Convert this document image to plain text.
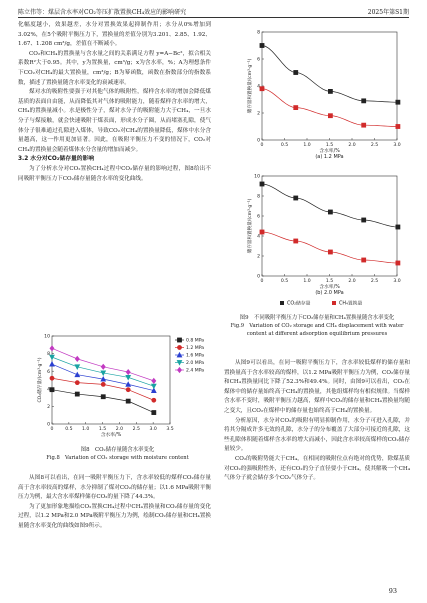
陈立伟等：煤层含水率对CO₂等压扩散置换CH₄效应的影响研究	2025年第S1期

化幅度越小，效果越差，水分对置换效果起抑制作用；水分从0%增加到3.02%，在5个吸附平衡压力下，置换量的差值分别为3.201、2.85、1.92、1.67、1.208 cm³/g，差值在不断减小。

CO₂和CH₄的置换量与含水量之间的关系满足方程 y=A−Bc²，拟合相关系数R²大于0.95。其中，y为置换量，cm³/g；x为含水率，%；A为理想条件下CO₂对CH₄的最大置换量，cm³/g；B为幂函数，函数在指数部分的指数系数，描述了置换量随含水率变化的衰减速率。

煤对水的吸附性要强于对其他气体的吸附性，煤样含水率的增加会降低煤基质的表面自由能，从而降低其对气体的吸附能力，随着煤样含水率的增大，CH₄的置换量减小。水是极性分子，煤对水分子的吸附能力大于CH₄，一旦水分子与煤接触，就会快速吸附于煤表面，形成水分子圈，从而堵塞孔隙，使气体分子很难通过孔隙进入煤体，导致CO₂对CH₄的置换量降低，煤体中水分含量越高，这一作用更加显著。因此，在吸附平衡压力不变的情况下，CO₂对CH₄的置换量会随着煤体水分含量的增加而减少。

3.2 水分对CO₂储存量的影响

为了分析水分对CO₂置换CH₄过程中CO₂储存量的影响过程，图8给出不同吸附平衡压力下CO₂储存量随含水率的变化曲线。

0	0.5 1.0 1.5 2.0 2.5 3.0 3.5
0
2
4
6
8
10
含水率/%
CO₂储存量/(cm³·g⁻¹)
0.8 MPa
1.2 MPa
1.6 MPa
2.0 MPa
2.4 MPa
图8　CO₂储存量随含水率变化
Fig.8　Variation of CO₂ storage with moisture content

从图8可以看出，在同一吸附平衡压力下，含水率较低的煤样CO₂储存量高于含水率较高的煤样，水分抑制了煤对CO₂的储存量；以1.6 MPa吸附平衡压力为例，最大含水率煤样储存CO₂的量下降了44.3%。

为了更加形象地描绘CO₂置换CH₄过程中CH₄置换量和CO₂储存量的变化过程，以1.2 MPa和2.0 MPa吸附平衡压力为例，绘制CO₂储存量和CH₄置换量随含水率变化的曲线如图9所示。

0	0.5	1.0	1.5	2.0	2.5	3.0
0
2
4
6
8
含水率/%
储存量和置换量/(cm³·g⁻¹)
(a) 1.2 MPa

0	0.5	1.0	1.5	2.0	2.5	3.0
0
2
4
6
8
10
含水率/%
储存量和置换量/(cm³·g⁻¹)
(b) 2.0 MPa
CO₂储存量	CH₄置换量
图9　不同吸附平衡压力下CO₂储存量和CH₄置换量随含水率变化
Fig.9　Variation of CO₂ storage and CH₄ displacement with water content at different adsorption equilibrium pressures

从图9可以看出，在同一吸附平衡压力下，含水率较低煤样的储存量和置换量高于含水率较高的煤样，以1.2 MPa吸附平衡压力为例，CO₂储存量和CH₄置换量同比下降了52.3%和49.4%。同时，由图9可以看出，CO₂在煤体中的储存量始终高于CH₄的置换量，其他组煤样均有相似规律。当煤样含水率不变时，吸附平衡压力越高，煤样中CO₂的储存量和CH₄置换量均随之变大，且CO₂在煤样中的储存量也始终高于CH₄的置换量。

分析原因，水分对CO₂的吸附有明显抑制作用，水分子可进入孔隙，并将其分隔成许多无效的孔隙，水分子的分布覆盖了大部分可接近的孔隙，这些孔隙体积随着煤样含水率的增大而减小，因此含水率较高煤样的CO₂储存量较少。

CO₂的吸附势能大于CH₄，在相同的吸附位点有绝对的优势，除煤基质对CO₂的强吸附性外，还有CO₂的分子直径要小于CH₄，使其解吸一个CH₄气体分子就会储存多个CO₂气体分子。

93
